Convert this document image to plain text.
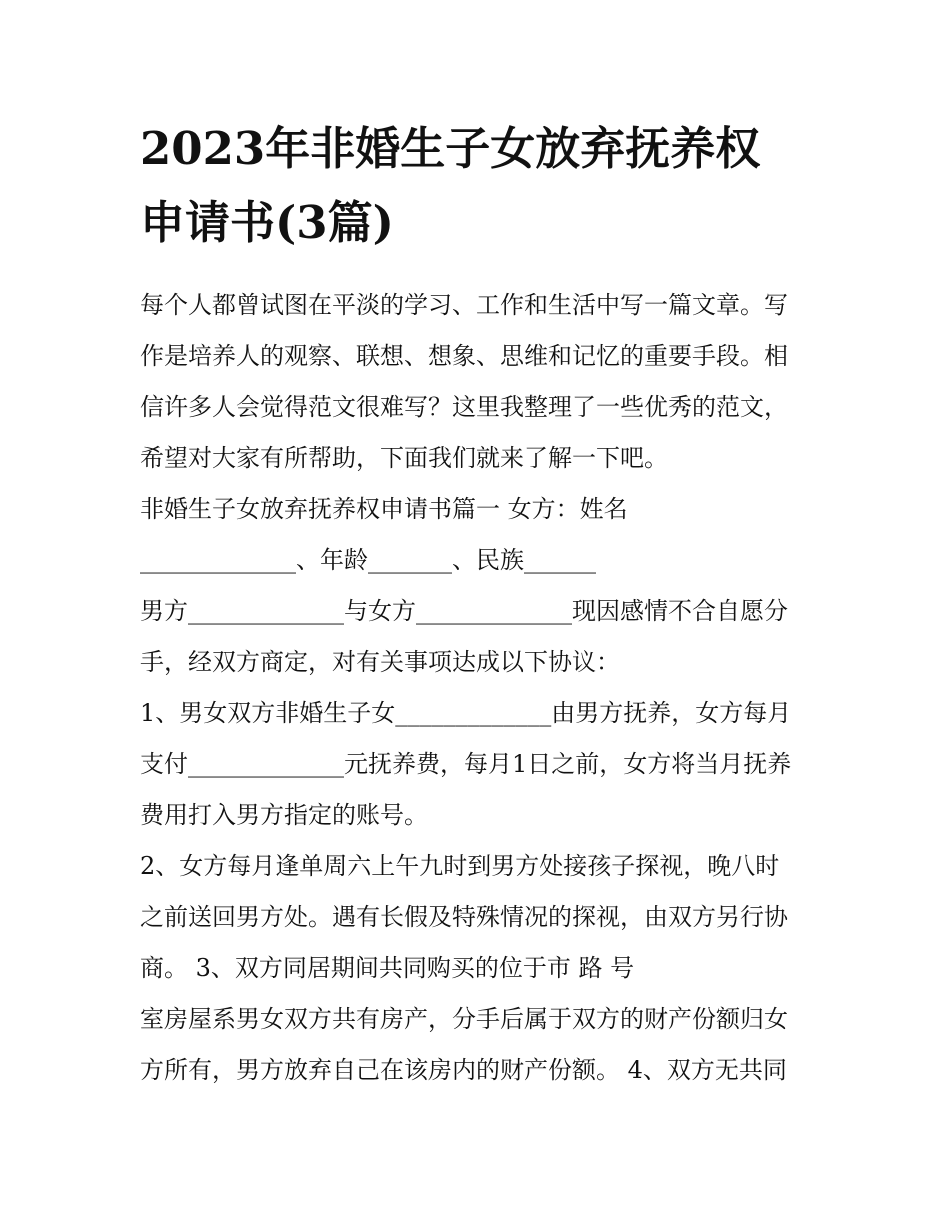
2023年非婚生子女放弃抚养权
申请书(3篇)
每个人都曾试图在平淡的学习、工作和生活中写一篇文章。写
作是培养人的观察、联想、想象、思维和记忆的重要手段。相
信许多人会觉得范文很难写？这里我整理了一些优秀的范文，
希望对大家有所帮助，下面我们就来了解一下吧。
非婚生子女放弃抚养权申请书篇一 女方：姓名
_____________、年龄_______、民族______
男方_____________与女方_____________现因感情不合自愿分
手，经双方商定，对有关事项达成以下协议：
1、男女双方非婚生子女_____________由男方抚养，女方每月
支付_____________元抚养费，每月1日之前，女方将当月抚养
费用打入男方指定的账号。
2、女方每月逢单周六上午九时到男方处接孩子探视，晚八时
之前送回男方处。遇有长假及特殊情况的探视，由双方另行协
商。 3、双方同居期间共同购买的位于市 路 号
室房屋系男女双方共有房产，分手后属于双方的财产份额归女
方所有，男方放弃自己在该房内的财产份额。 4、双方无共同
